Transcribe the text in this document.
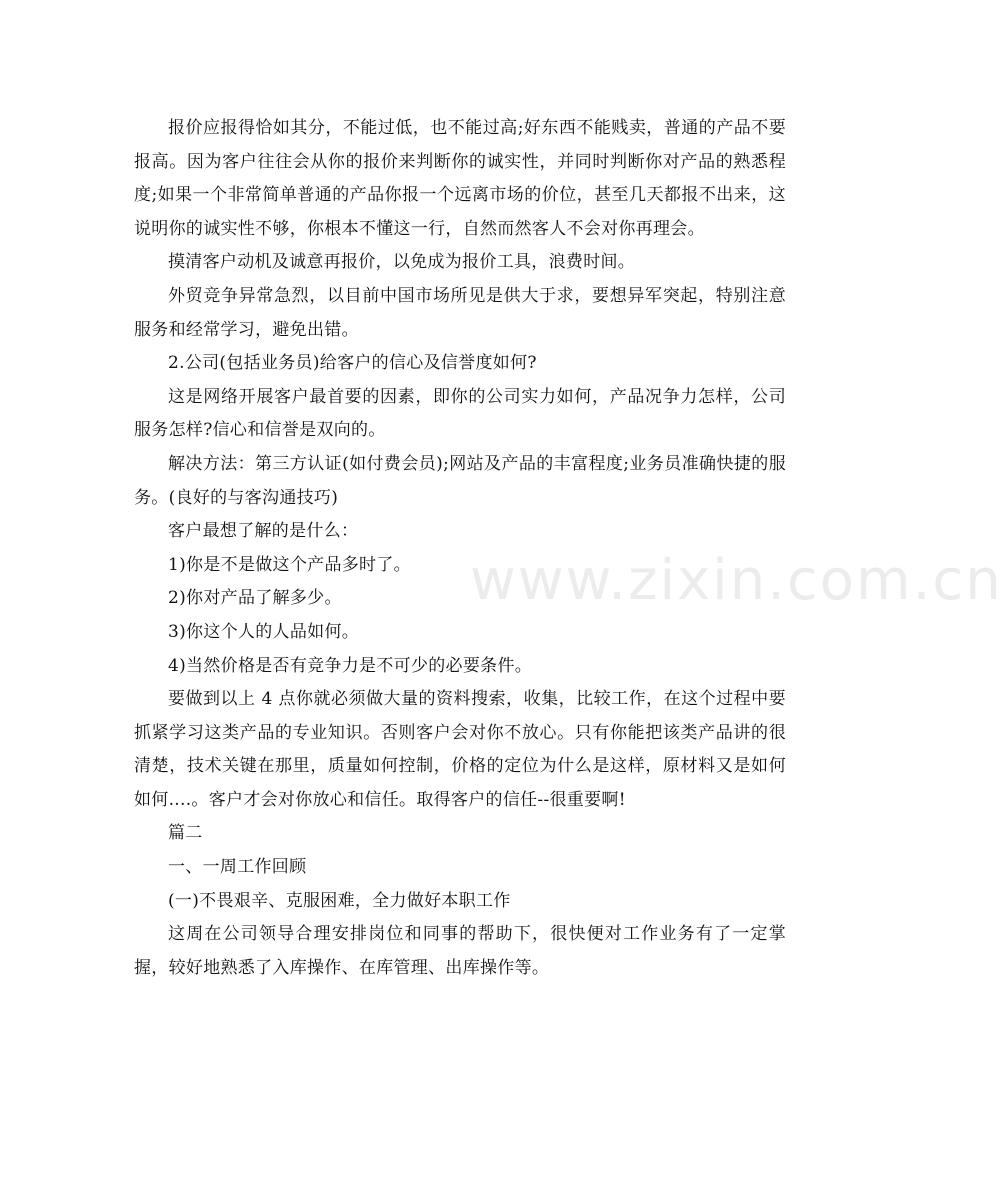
报价应报得恰如其分，不能过低，也不能过高;好东西不能贱卖，普通的产品不要报高。因为客户往往会从你的报价来判断你的诚实性，并同时判断你对产品的熟悉程度;如果一个非常简单普通的产品你报一个远离市场的价位，甚至几天都报不出来，这说明你的诚实性不够，你根本不懂这一行，自然而然客人不会对你再理会。

摸清客户动机及诚意再报价，以免成为报价工具，浪费时间。

外贸竞争异常急烈，以目前中国市场所见是供大于求，要想异军突起，特别注意服务和经常学习，避免出错。

2.公司(包括业务员)给客户的信心及信誉度如何?

这是网络开展客户最首要的因素，即你的公司实力如何，产品况争力怎样，公司服务怎样?信心和信誉是双向的。

解决方法：第三方认证(如付费会员);网站及产品的丰富程度;业务员准确快捷的服务。(良好的与客沟通技巧)

客户最想了解的是什么：

1)你是不是做这个产品多时了。

2)你对产品了解多少。

3)你这个人的人品如何。

4)当然价格是否有竞争力是不可少的必要条件。

要做到以上 4 点你就必须做大量的资料搜索，收集，比较工作，在这个过程中要抓紧学习这类产品的专业知识。否则客户会对你不放心。只有你能把该类产品讲的很清楚，技术关键在那里，质量如何控制，价格的定位为什么是这样，原材料又是如何如何....。客户才会对你放心和信任。取得客户的信任--很重要啊!

篇二

一、一周工作回顾

(一)不畏艰辛、克服困难，全力做好本职工作

这周在公司领导合理安排岗位和同事的帮助下，很快便对工作业务有了一定掌握，较好地熟悉了入库操作、在库管理、出库操作等。

www.zixin.com.cn
